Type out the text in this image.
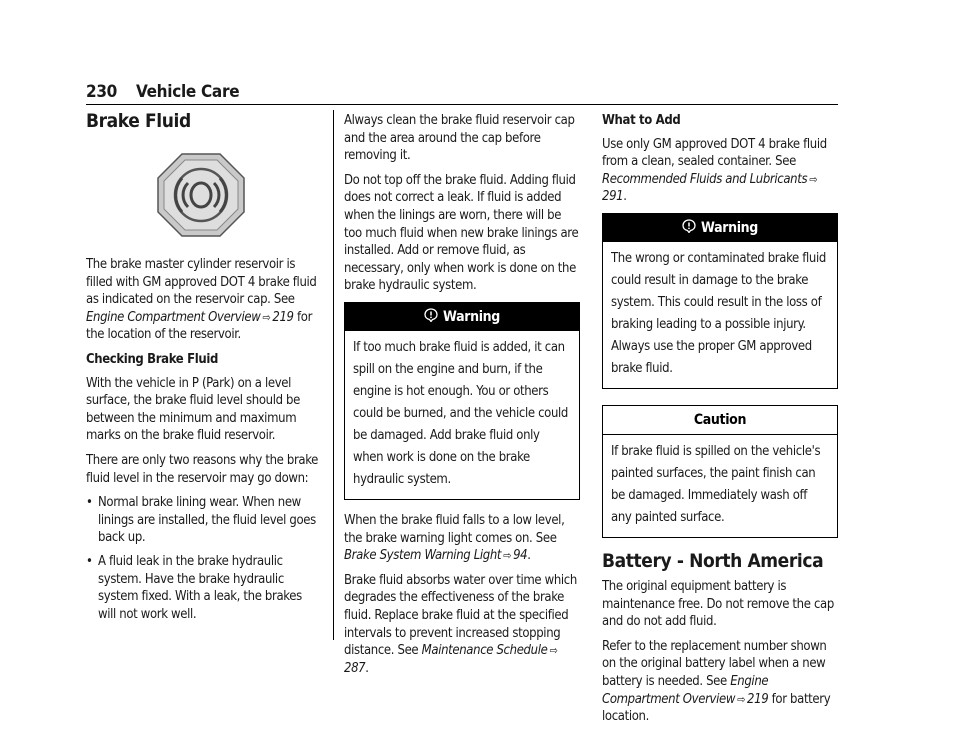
230 Vehicle Care
Brake Fluid

The brake master cylinder reservoir is filled with GM approved DOT 4 brake fluid as indicated on the reservoir cap. See Engine Compartment Overview ⇨ 219 for the location of the reservoir.

Checking Brake Fluid

With the vehicle in P (Park) on a level surface, the brake fluid level should be between the minimum and maximum marks on the brake fluid reservoir.

There are only two reasons why the brake fluid level in the reservoir may go down:

• Normal brake lining wear. When new linings are installed, the fluid level goes back up.
• A fluid leak in the brake hydraulic system. Have the brake hydraulic system fixed. With a leak, the brakes will not work well.

Always clean the brake fluid reservoir cap and the area around the cap before removing it.

Do not top off the brake fluid. Adding fluid does not correct a leak. If fluid is added when the linings are worn, there will be too much fluid when new brake linings are installed. Add or remove fluid, as necessary, only when work is done on the brake hydraulic system.

Warning
If too much brake fluid is added, it can spill on the engine and burn, if the engine is hot enough. You or others could be burned, and the vehicle could be damaged. Add brake fluid only when work is done on the brake hydraulic system.

When the brake fluid falls to a low level, the brake warning light comes on. See Brake System Warning Light ⇨ 94.

Brake fluid absorbs water over time which degrades the effectiveness of the brake fluid. Replace brake fluid at the specified intervals to prevent increased stopping distance. See Maintenance Schedule ⇨287.

What to Add

Use only GM approved DOT 4 brake fluid from a clean, sealed container. See Recommended Fluids and Lubricants ⇨291.

Warning
The wrong or contaminated brake fluid could result in damage to the brake system. This could result in the loss of braking leading to a possible injury. Always use the proper GM approved brake fluid.
Caution
If brake fluid is spilled on the vehicle's painted surfaces, the paint finish can be damaged. Immediately wash off any painted surface.
Battery - North America

The original equipment battery is maintenance free. Do not remove the cap and do not add fluid.

Refer to the replacement number shown on the original battery label when a new battery is needed. See Engine Compartment Overview ⇨ 219 for battery location.
